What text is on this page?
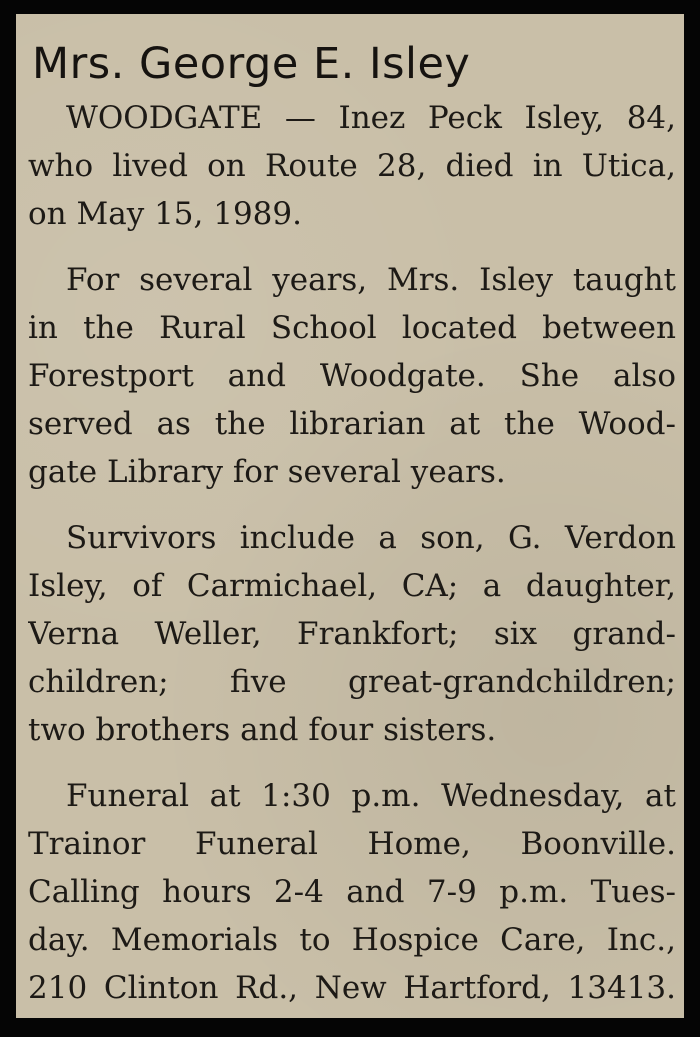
Mrs. George E. Isley
WOODGATE — Inez Peck Isley, 84,
who lived on Route 28, died in Utica,
on May 15, 1989.
For several years, Mrs. Isley taught
in the Rural School located between
Forestport and Woodgate. She also
served as the librarian at the Wood-
gate Library for several years.
Survivors include a son, G. Verdon
Isley, of Carmichael, CA; a daughter,
Verna Weller, Frankfort; six grand-
children; five great-grandchildren;
two brothers and four sisters.
Funeral at 1:30 p.m. Wednesday, at
Trainor Funeral Home, Boonville.
Calling hours 2-4 and 7-9 p.m. Tues-
day. Memorials to Hospice Care, Inc.,
210 Clinton Rd., New Hartford, 13413.
